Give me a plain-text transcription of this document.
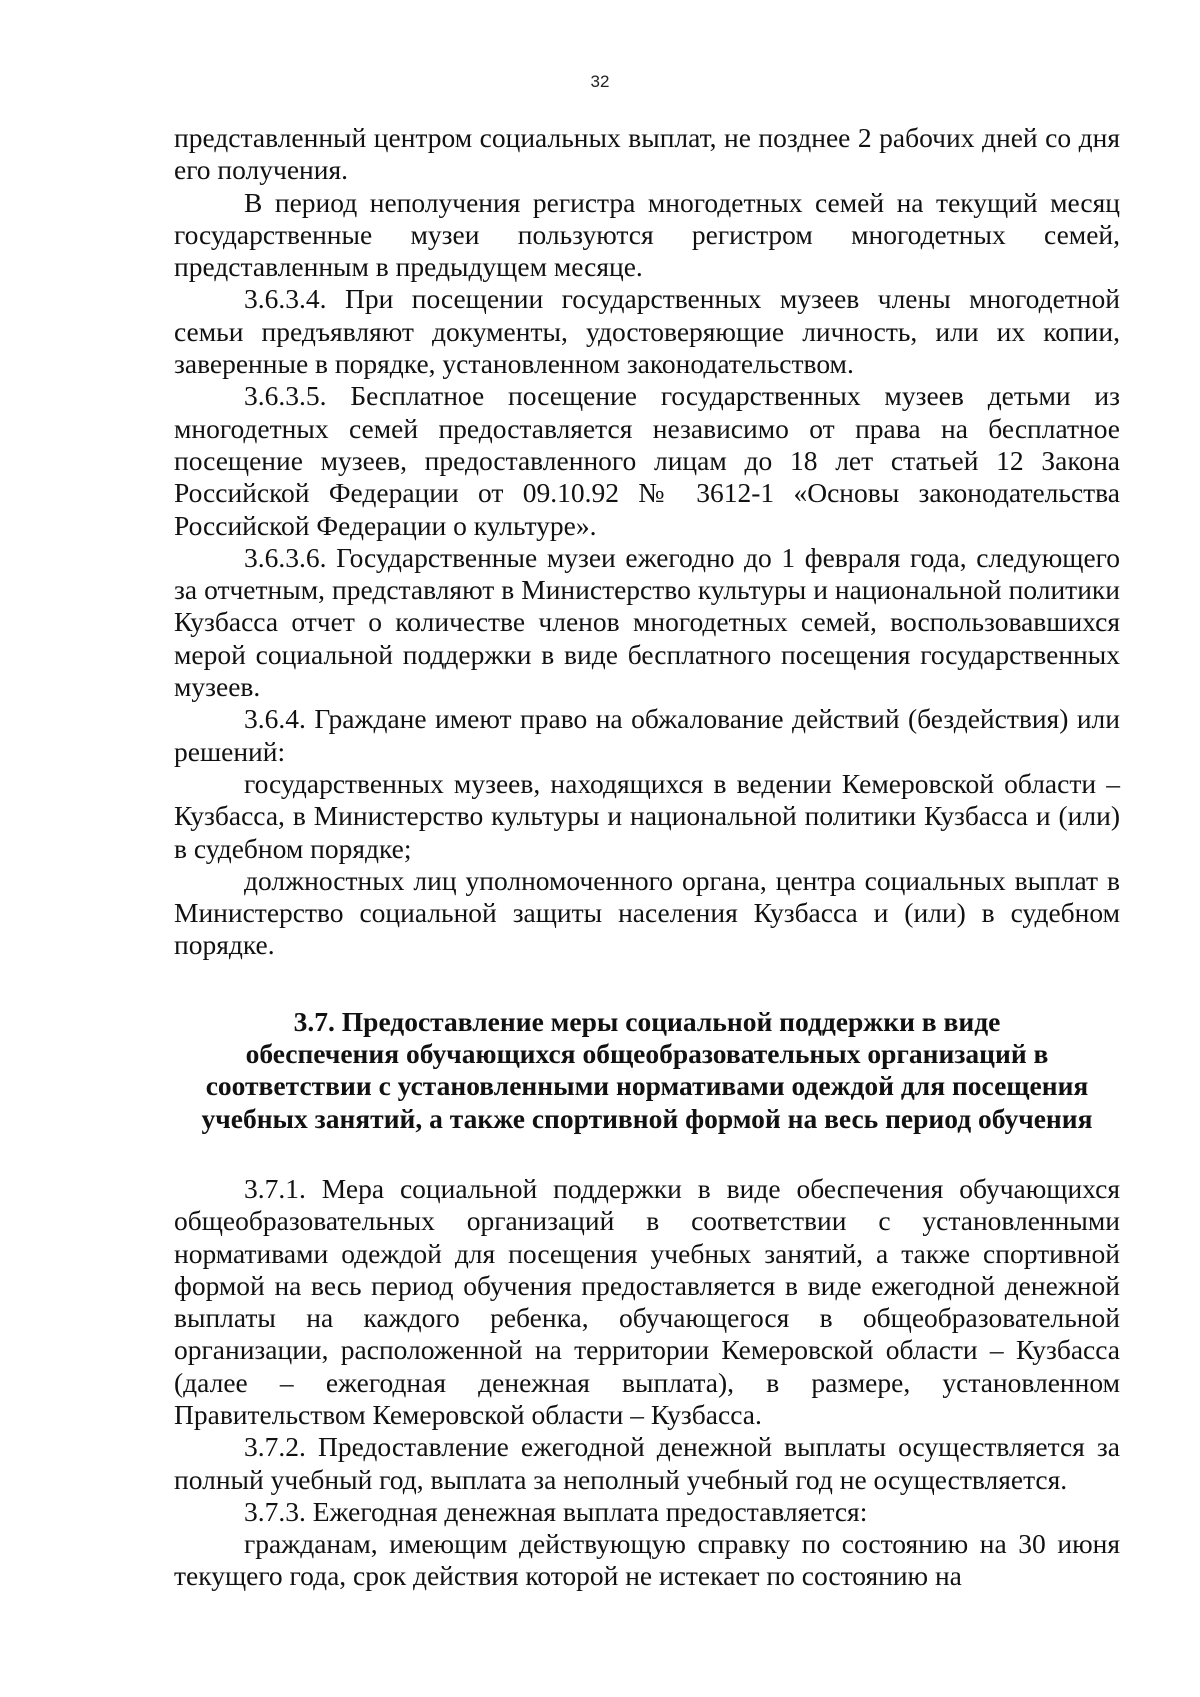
32

представленный центром социальных выплат, не позднее 2 рабочих дней со дня его получения.

В период неполучения регистра многодетных семей на текущий месяц государственные музеи пользуются регистром многодетных семей, представленным в предыдущем месяце.

3.6.3.4. При посещении государственных музеев члены многодетной семьи предъявляют документы, удостоверяющие личность, или их копии, заверенные в порядке, установленном законодательством.

3.6.3.5. Бесплатное посещение государственных музеев детьми из многодетных семей предоставляется независимо от права на бесплатное посещение музеев, предоставленного лицам до 18 лет статьей 12 Закона Российской Федерации от 09.10.92 № 3612-1 «Основы законодательства Российской Федерации о культуре».

3.6.3.6. Государственные музеи ежегодно до 1 февраля года, следующего за отчетным, представляют в Министерство культуры и национальной политики Кузбасса отчет о количестве членов многодетных семей, воспользовавшихся мерой социальной поддержки в виде бесплатного посещения государственных музеев.

3.6.4. Граждане имеют право на обжалование действий (бездействия) или решений:

государственных музеев, находящихся в ведении Кемеровской области – Кузбасса, в Министерство культуры и национальной политики Кузбасса и (или) в судебном порядке;

должностных лиц уполномоченного органа, центра социальных выплат в Министерство социальной защиты населения Кузбасса и (или) в судебном порядке.

3.7. Предоставление меры социальной поддержки в виде
обеспечения обучающихся общеобразовательных организаций в
соответствии с установленными нормативами одеждой для посещения
учебных занятий, а также спортивной формой на весь период обучения

3.7.1. Мера социальной поддержки в виде обеспечения обучающихся общеобразовательных организаций в соответствии с установленными нормативами одеждой для посещения учебных занятий, а также спортивной формой на весь период обучения предоставляется в виде ежегодной денежной выплаты на каждого ребенка, обучающегося в общеобразовательной организации, расположенной на территории Кемеровской области – Кузбасса (далее – ежегодная денежная выплата), в размере, установленном Правительством Кемеровской области – Кузбасса.

3.7.2. Предоставление ежегодной денежной выплаты осуществляется за полный учебный год, выплата за неполный учебный год не осуществляется.

3.7.3. Ежегодная денежная выплата предоставляется:

гражданам, имеющим действующую справку по состоянию на 30 июня текущего года, срок действия которой не истекает по состоянию на
